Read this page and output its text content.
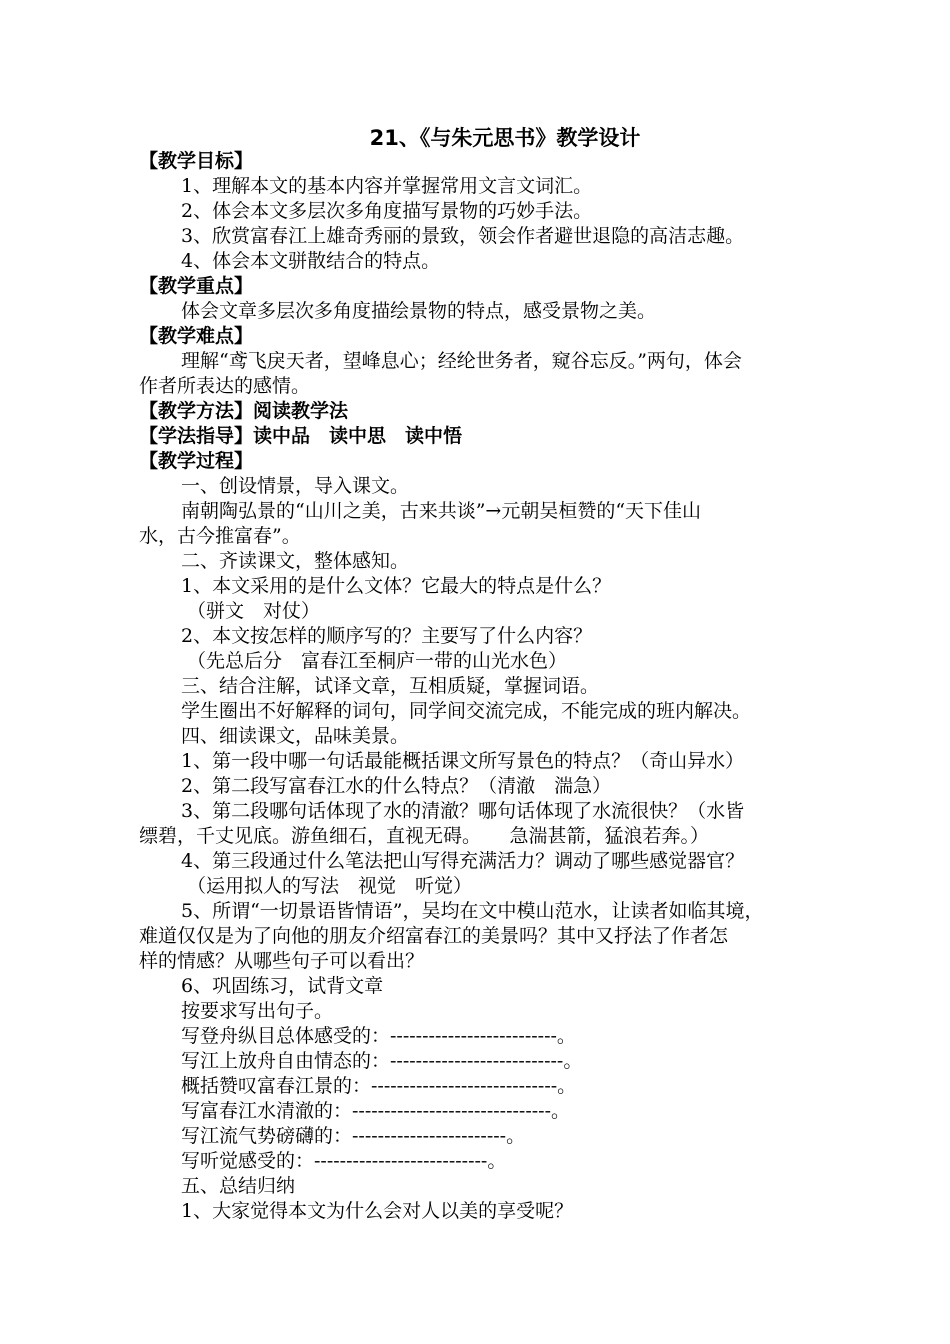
21、《与朱元思书》教学设计
【教学目标】
1、理解本文的基本内容并掌握常用文言文词汇。
2、体会本文多层次多角度描写景物的巧妙手法。
3、欣赏富春江上雄奇秀丽的景致，领会作者避世退隐的高洁志趣。
4、体会本文骈散结合的特点。
【教学重点】
体会文章多层次多角度描绘景物的特点，感受景物之美。
【教学难点】
理解“鸢飞戾天者，望峰息心；经纶世务者，窥谷忘反。”两句，体会
作者所表达的感情。
【教学方法】阅读教学法
【学法指导】读中品　读中思　读中悟
【教学过程】
一、创设情景，导入课文。
南朝陶弘景的“山川之美，古来共谈”→元朝吴桓赞的“天下佳山
水，古今推富春”。
二、齐读课文，整体感知。
1、本文采用的是什么文体？它最大的特点是什么？
（骈文　对仗）
2、本文按怎样的顺序写的？主要写了什么内容？
（先总后分　富春江至桐庐一带的山光水色）
三、结合注解，试译文章，互相质疑，掌握词语。
学生圈出不好解释的词句，同学间交流完成，不能完成的班内解决。
四、细读课文，品味美景。
1、第一段中哪一句话最能概括课文所写景色的特点？（奇山异水）
2、第二段写富春江水的什么特点？（清澈　湍急）
3、第二段哪句话体现了水的清澈？哪句话体现了水流很快？（水皆
缥碧，千丈见底。游鱼细石，直视无碍。　　急湍甚箭，猛浪若奔。）
4、第三段通过什么笔法把山写得充满活力？调动了哪些感觉器官？
（运用拟人的写法　视觉　听觉）
5、所谓“一切景语皆情语”，吴均在文中模山范水，让读者如临其境，
难道仅仅是为了向他的朋友介绍富春江的美景吗？其中又抒法了作者怎
样的情感？从哪些句子可以看出？
6、巩固练习，试背文章
按要求写出句子。
写登舟纵目总体感受的：--------------------------。
写江上放舟自由情态的：---------------------------。
概括赞叹富春江景的：-----------------------------。
写富春江水清澈的：-------------------------------。
写江流气势磅礴的：------------------------。
写听觉感受的：---------------------------。
五、总结归纳
1、大家觉得本文为什么会对人以美的享受呢？
